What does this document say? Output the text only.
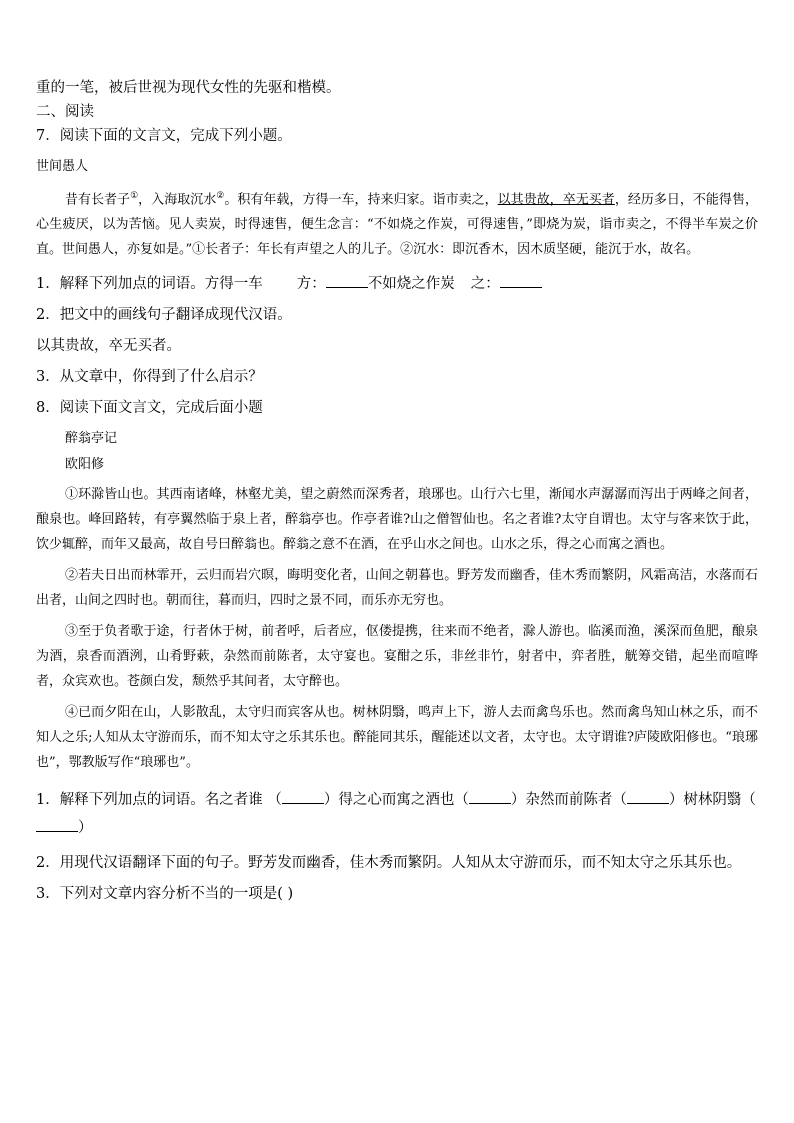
重的一笔，被后世视为现代女性的先驱和楷模。

二、阅读

7．阅读下面的文言文，完成下列小题。

世间愚人

昔有长者子①，入海取沉水②。积有年载，方得一车，持来归家。诣市卖之，以其贵故，卒无买者，经历多日，不能得售，心生疲厌，以为苦恼。见人卖炭，时得速售，便生念言：“不如烧之作炭，可得速售，”即烧为炭，诣市卖之，不得半车炭之价直。世间愚人，亦复如是。”①长者子：年长有声望之人的儿子。②沉水：即沉香木，因木质坚硬，能沉于水，故名。

1．解释下列加点的词语。方得一车 方：	不如烧之作炭 之：

2．把文中的画线句子翻译成现代汉语。

以其贵故，卒无买者。

3．从文章中，你得到了什么启示？

8．阅读下面文言文，完成后面小题

醉翁亭记

欧阳修

①环滁皆山也。其西南诸峰，林壑尤美，望之蔚然而深秀者，琅琊也。山行六七里，渐闻水声潺潺而泻出于两峰之间者，酿泉也。峰回路转，有亭翼然临于泉上者，醉翁亭也。作亭者谁?山之僧智仙也。名之者谁?太守自谓也。太守与客来饮于此，饮少辄醉，而年又最高，故自号曰醉翁也。醉翁之意不在酒，在乎山水之间也。山水之乐，得之心而寓之酒也。

②若夫日出而林霏开，云归而岩穴暝，晦明变化者，山间之朝暮也。野芳发而幽香，佳木秀而繁阴，风霜高洁，水落而石出者，山间之四时也。朝而往，暮而归，四时之景不同，而乐亦无穷也。

③至于负者歌于途，行者休于树，前者呼，后者应，伛偻提携，往来而不绝者，滁人游也。临溪而渔，溪深而鱼肥，酿泉为酒，泉香而酒洌，山肴野蔌，杂然而前陈者，太守宴也。宴酣之乐，非丝非竹，射者中，弈者胜，觥筹交错，起坐而喧哗者，众宾欢也。苍颜白发，颓然乎其间者，太守醉也。

④已而夕阳在山，人影散乱，太守归而宾客从也。树林阴翳，鸣声上下，游人去而禽鸟乐也。然而禽鸟知山林之乐，而不知人之乐;人知从太守游而乐，而不知太守之乐其乐也。醉能同其乐，醒能述以文者，太守也。太守谓谁?庐陵欧阳修也。“琅琊也”，鄂教版写作“琅琊也”。

1．解释下列加点的词语。名之者谁 （	）得之心而寓之酒也（	）杂然而前陈者（	）树林阴翳（）

2．用现代汉语翻译下面的句子。野芳发而幽香，佳木秀而繁阴。人知从太守游而乐，而不知太守之乐其乐也。

3．下列对文章内容分析不当的一项是( )
